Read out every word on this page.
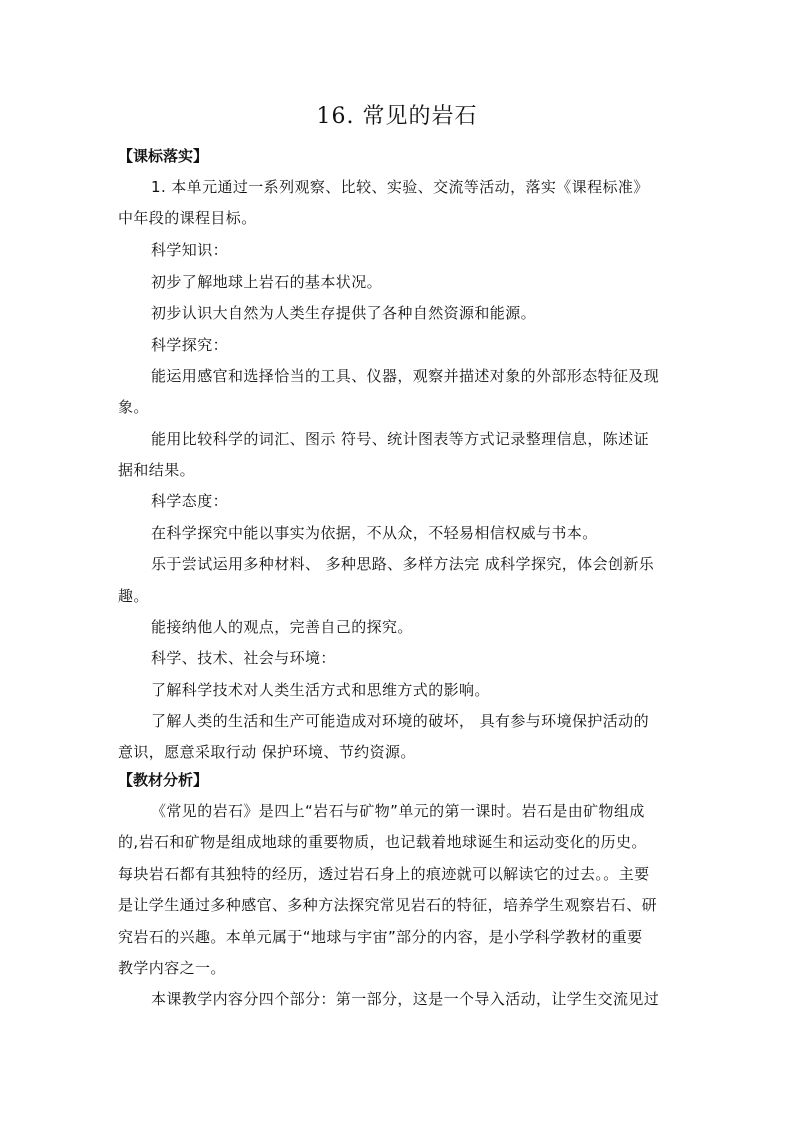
16. 常见的岩石
【课标落实】
1. 本单元通过一系列观察、比较、实验、交流等活动，落实《课程标准》
中年段的课程目标。
科学知识：
初步了解地球上岩石的基本状况。
初步认识大自然为人类生存提供了各种自然资源和能源。
科学探究：
能运用感官和选择恰当的工具、仪器，观察并描述对象的外部形态特征及现
象。
能用比较科学的词汇、图示 符号、统计图表等方式记录整理信息，陈述证
据和结果。
科学态度：
在科学探究中能以事实为依据，不从众，不轻易相信权威与书本。
乐于尝试运用多种材料、 多种思路、多样方法完 成科学探究，体会创新乐
趣。
能接纳他人的观点，完善自己的探究。
科学、技术、社会与环境：
了解科学技术对人类生活方式和思维方式的影响。
了解人类的生活和生产可能造成对环境的破坏， 具有参与环境保护活动的
意识，愿意采取行动 保护环境、节约资源。
【教材分析】
《常见的岩石》是四上“岩石与矿物”单元的第一课时。岩石是由矿物组成
的,岩石和矿物是组成地球的重要物质，也记载着地球诞生和运动变化的历史。
每块岩石都有其独特的经历，透过岩石身上的痕迹就可以解读它的过去。。主要
是让学生通过多种感官、多种方法探究常见岩石的特征，培养学生观察岩石、研
究岩石的兴趣。本单元属于“地球与宇宙”部分的内容，是小学科学教材的重要
教学内容之一。
本课教学内容分四个部分：第一部分，这是一个导入活动，让学生交流见过
